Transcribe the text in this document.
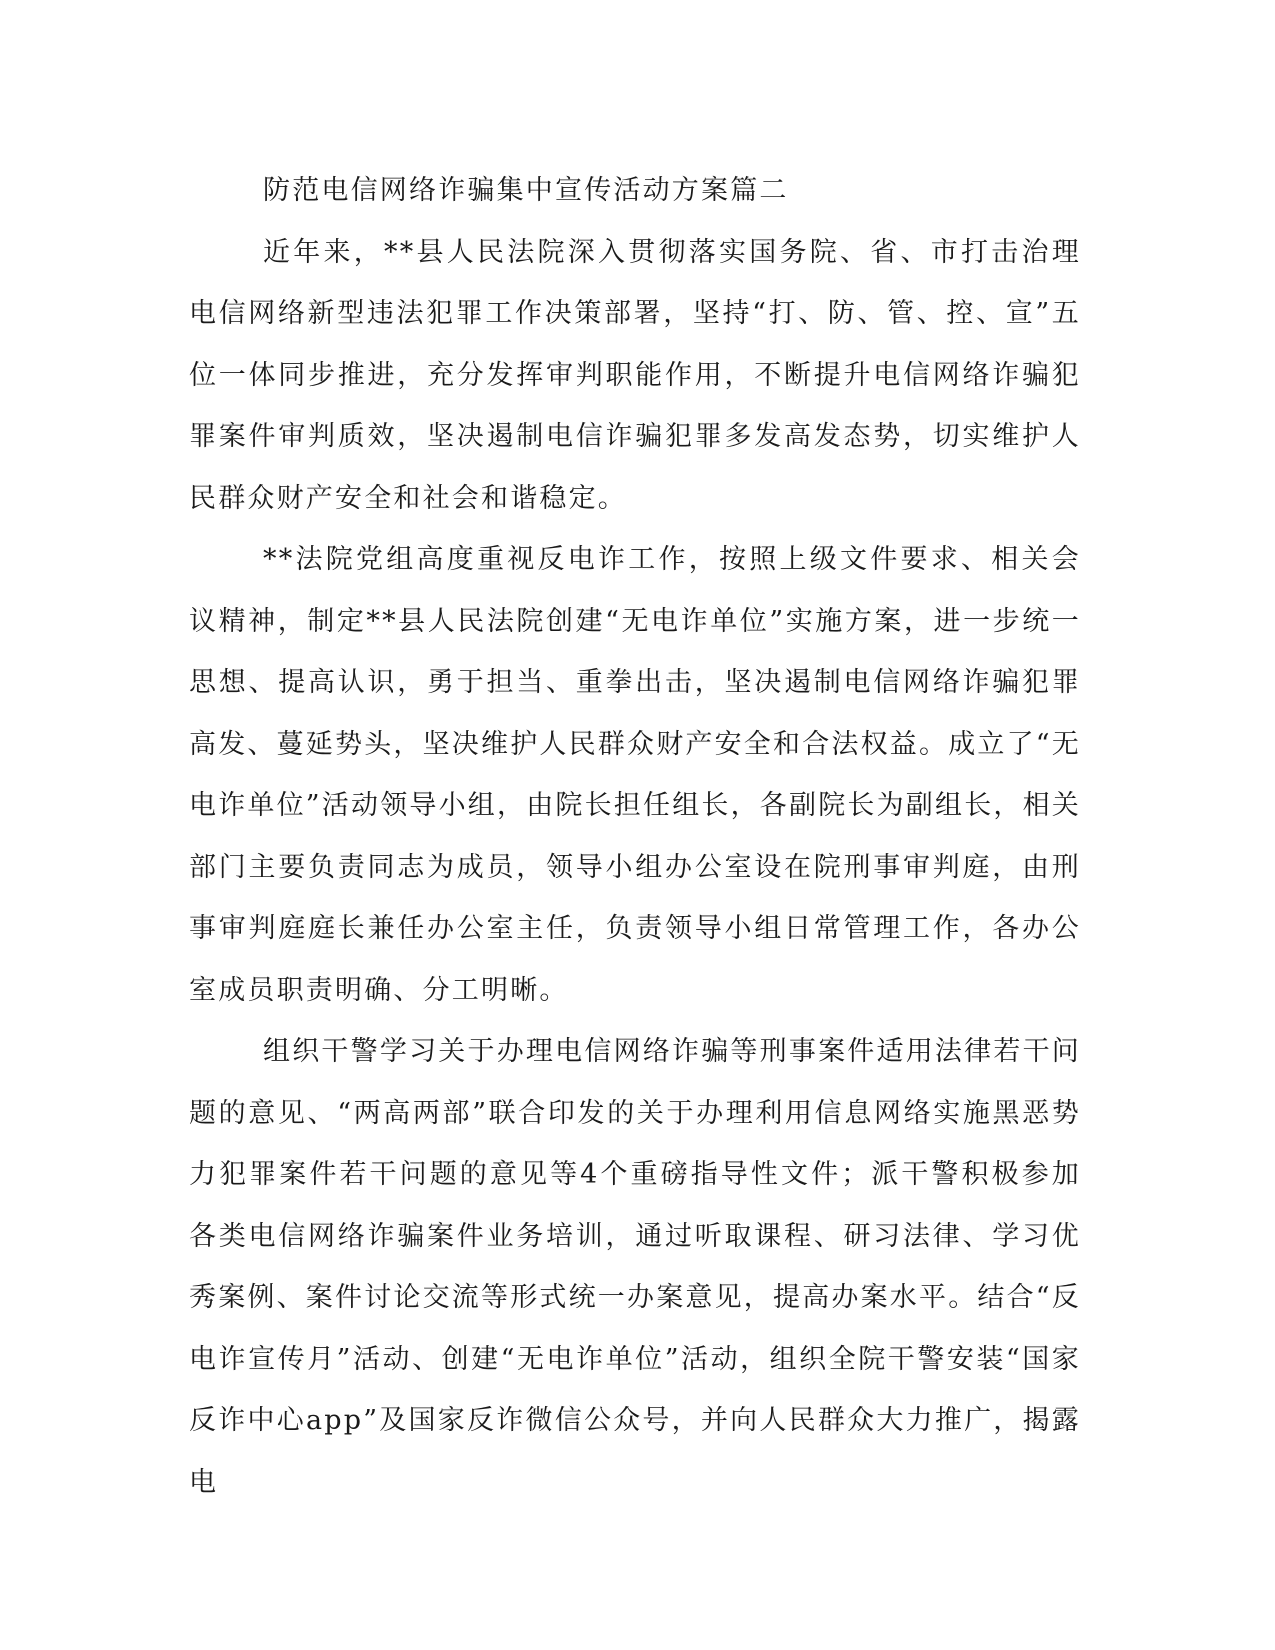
防范电信网络诈骗集中宣传活动方案篇二

近年来，**县人民法院深入贯彻落实国务院、省、市打击治理电信网络新型违法犯罪工作决策部署，坚持“打、防、管、控、宣”五位一体同步推进，充分发挥审判职能作用，不断提升电信网络诈骗犯罪案件审判质效，坚决遏制电信诈骗犯罪多发高发态势，切实维护人民群众财产安全和社会和谐稳定。

**法院党组高度重视反电诈工作，按照上级文件要求、相关会议精神，制定**县人民法院创建“无电诈单位”实施方案，进一步统一思想、提高认识，勇于担当、重拳出击，坚决遏制电信网络诈骗犯罪高发、蔓延势头，坚决维护人民群众财产安全和合法权益。成立了“无电诈单位”活动领导小组，由院长担任组长，各副院长为副组长，相关部门主要负责同志为成员，领导小组办公室设在院刑事审判庭，由刑事审判庭庭长兼任办公室主任，负责领导小组日常管理工作，各办公室成员职责明确、分工明晰。

组织干警学习关于办理电信网络诈骗等刑事案件适用法律若干问题的意见、“两高两部”联合印发的关于办理利用信息网络实施黑恶势力犯罪案件若干问题的意见等4个重磅指导性文件；派干警积极参加各类电信网络诈骗案件业务培训，通过听取课程、研习法律、学习优秀案例、案件讨论交流等形式统一办案意见，提高办案水平。结合“反电诈宣传月”活动、创建“无电诈单位”活动，组织全院干警安装“国家反诈中心app”及国家反诈微信公众号，并向人民群众大力推广，揭露电
